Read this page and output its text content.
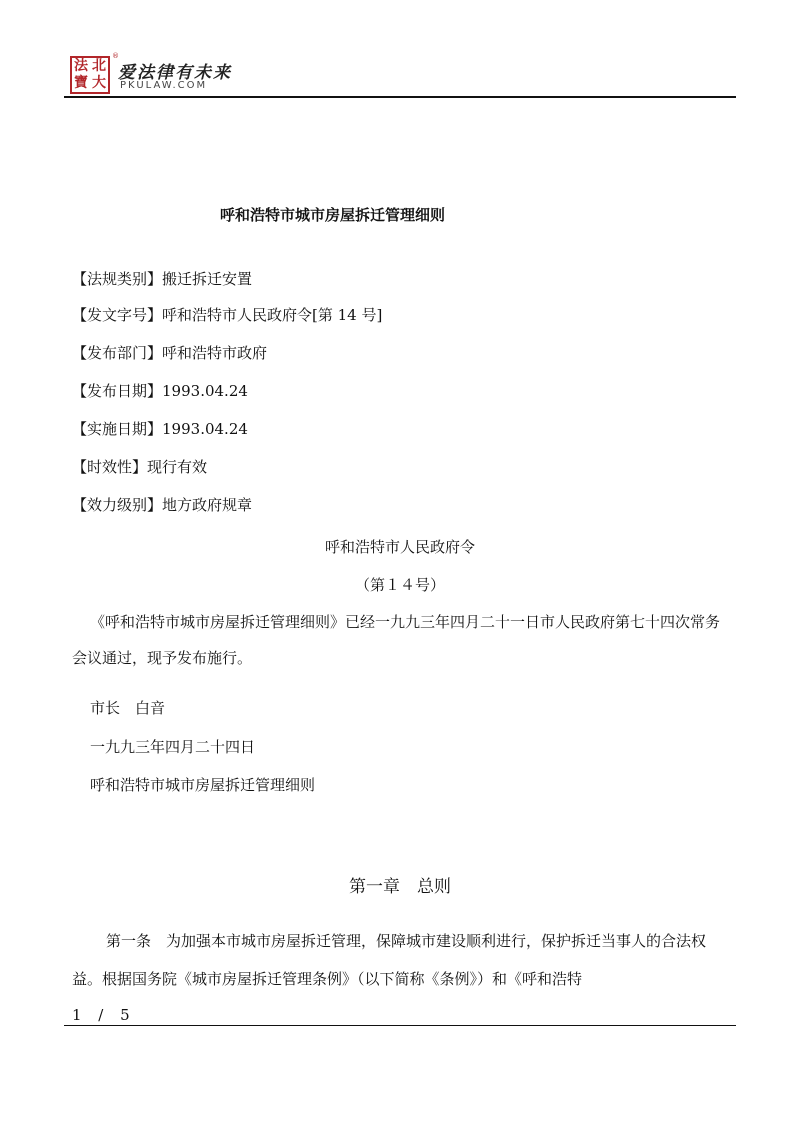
法 北
寶 大
®
爱法律有未来
PKULAW.COM
呼和浩特市城市房屋拆迁管理细则
【法规类别】搬迁拆迁安置
【发文字号】呼和浩特市人民政府令[第 14 号]
【发布部门】呼和浩特市政府
【发布日期】1993.04.24
【实施日期】1993.04.24
【时效性】现行有效
【效力级别】地方政府规章
呼和浩特市人民政府令
（第１４号）
《呼和浩特市城市房屋拆迁管理细则》已经一九九三年四月二十一日市人民政府第七十四次常务会议通过，现予发布施行。
市长　白音
一九九三年四月二十四日
呼和浩特市城市房屋拆迁管理细则
第一章　总则
第一条　为加强本市城市房屋拆迁管理，保障城市建设顺利进行，保护拆迁当事人的合法权益。根据国务院《城市房屋拆迁管理条例》（以下简称《条例》）和《呼和浩特
1 / 5
